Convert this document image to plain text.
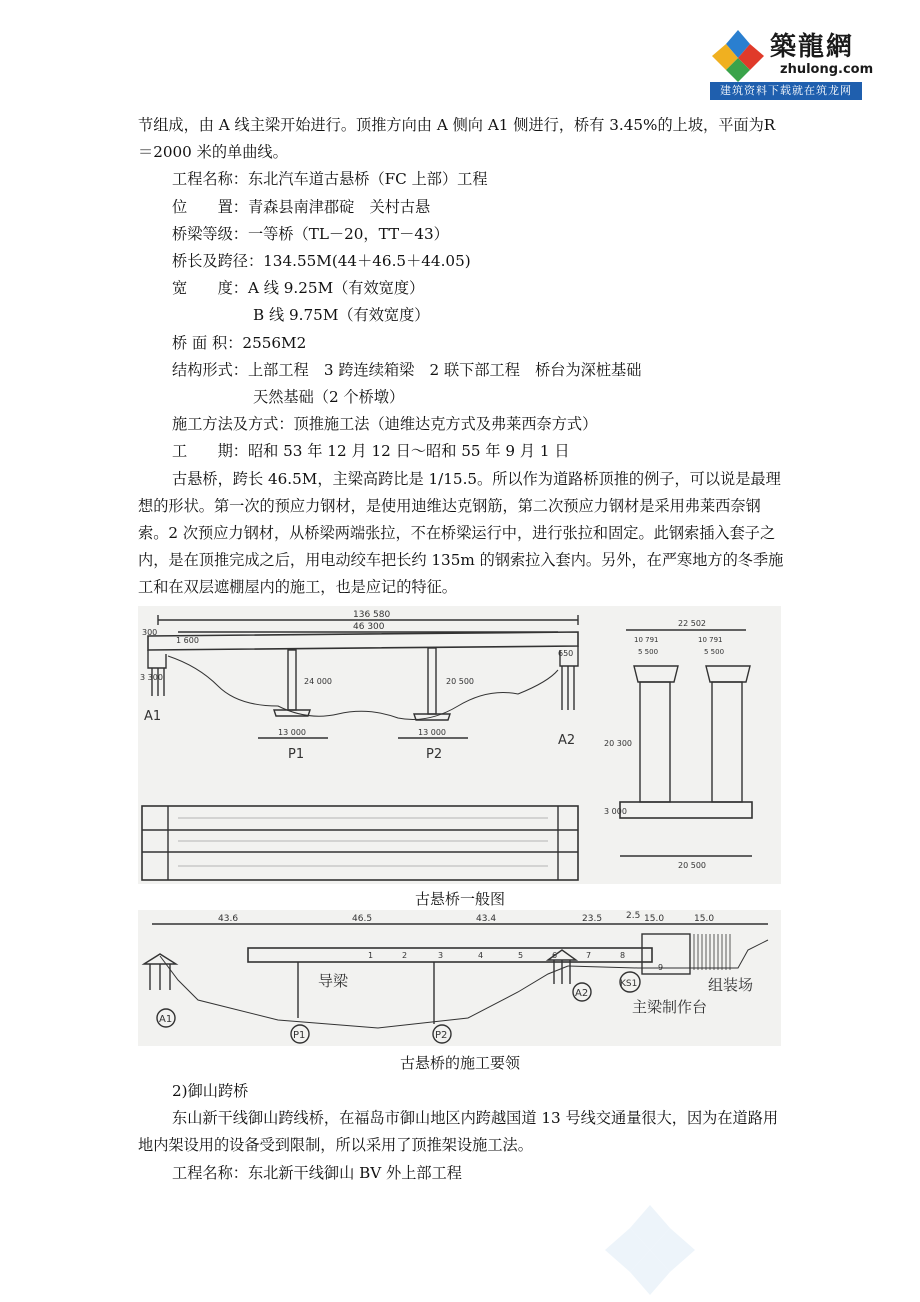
築龍網
zhulong.com
建筑资料下载就在筑龙网

节组成，由 A 线主梁开始进行。顶推方向由 A 侧向 A1 侧进行，桥有 3.45%的上坡，平面为R＝2000 米的单曲线。

工程名称：东北汽车道古悬桥（FC 上部）工程

位　　置：青森县南津郡碇　关村古悬

桥梁等级：一等桥（TL－20，TT－43）

桥长及跨径：134.55M(44＋46.5＋44.05)

宽　　度：A 线 9.25M（有效宽度）

B 线 9.75M（有效宽度）

桥 面 积：2556M2

结构形式：上部工程　3 跨连续箱梁　2 联下部工程　桥台为深桩基础

天然基础（2 个桥墩）

施工方法及方式：顶推施工法（迪维达克方式及弗莱西奈方式）

工　　期：昭和 53 年 12 月 12 日～昭和 55 年 9 月 1 日

古悬桥，跨长 46.5M，主梁高跨比是 1/15.5。所以作为道路桥顶推的例子，可以说是最理想的形状。第一次的预应力钢材，是使用迪维达克钢筋，第二次预应力钢材是采用弗莱西奈钢索。2 次预应力钢材，从桥梁两端张拉，不在桥梁运行中，进行张拉和固定。此钢索插入套子之内，是在顶推完成之后，用电动绞车把长约 135m 的钢索拉入套内。另外，在严寒地方的冬季施工和在双层遮棚屋内的施工，也是应记的特征。

136 580
46 300
1 600
300
24 000	20 500
650
3 300
A1
A2
13 000	13 000
P1	P2
22 502
10 791	10 791
5 500	5 500
20 300
3 000
20 500
古悬桥一般图
43.6	46.5	43.4	23.5	2.5 15.0	15.0
1	2	3	4	5	6	7	8
9
A1
A2
P1	P2
KS1
导梁	组装场
主梁制作台
古悬桥的施工要领

2)御山跨桥

东山新干线御山跨线桥，在福岛市御山地区内跨越国道 13 号线交通量很大，因为在道路用地内架设用的设备受到限制，所以采用了顶推架设施工法。

工程名称：东北新干线御山 BV 外上部工程
